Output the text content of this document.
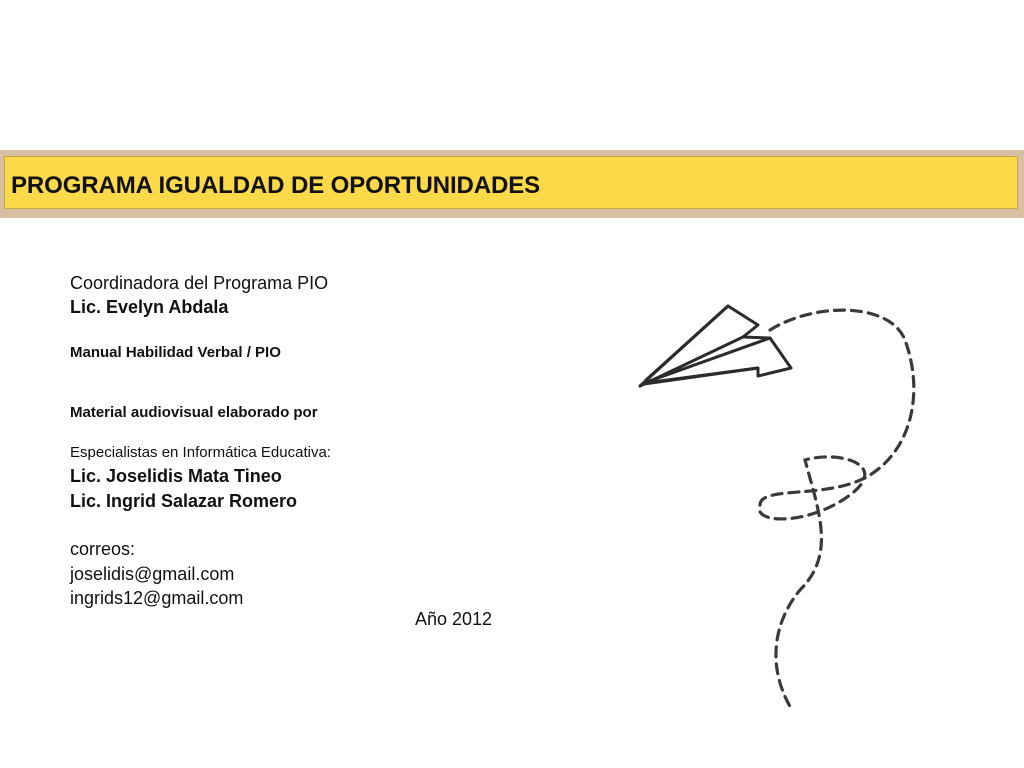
PROGRAMA IGUALDAD DE OPORTUNIDADES
Coordinadora del Programa PIO
Lic. Evelyn Abdala
Manual Habilidad Verbal / PIO
Material audiovisual elaborado por
Especialistas en Informática Educativa:
Lic. Joselidis Mata Tineo
Lic. Ingrid Salazar Romero
correos:
joselidis@gmail.com
ingrids12@gmail.com
Año 2012
